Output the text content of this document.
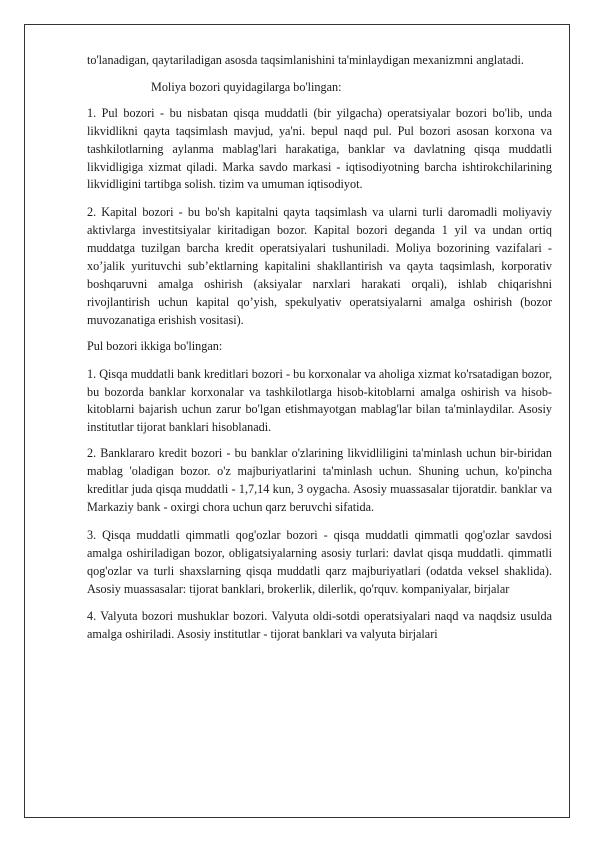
to'lanadigan, qaytariladigan asosda taqsimlanishini ta'minlaydigan mexanizmni anglatadi.

Moliya bozori quyidagilarga bo'lingan:

1. Pul bozori - bu nisbatan qisqa muddatli (bir yilgacha) operatsiyalar bozori bo'lib, unda likvidlikni qayta taqsimlash mavjud, ya'ni. bepul naqd pul. Pul bozori asosan korxona va tashkilotlarning aylanma mablag'lari harakatiga, banklar va davlatning qisqa muddatli likvidligiga xizmat qiladi. Marka savdo markasi - iqtisodiyotning barcha ishtirokchilarining likvidligini tartibga solish. tizim va umuman iqtisodiyot.

2. Kapital bozori - bu bo'sh kapitalni qayta taqsimlash va ularni turli daromadli moliyaviy aktivlarga investitsiyalar kiritadigan bozor. Kapital bozori deganda 1 yil va undan ortiq muddatga tuzilgan barcha kredit operatsiyalari tushuniladi. Moliya bozorining vazifalari - xo’jalik yurituvchi sub’ektlarning kapitalini shakllantirish va qayta taqsimlash, korporativ boshqaruvni amalga oshirish (aksiyalar narxlari harakati orqali), ishlab chiqarishni rivojlantirish uchun kapital qo’yish, spekulyativ operatsiyalarni amalga oshirish (bozor muvozanatiga erishish vositasi).

Pul bozori ikkiga bo'lingan:

1. Qisqa muddatli bank kreditlari bozori - bu korxonalar va aholiga xizmat ko'rsatadigan bozor, bu bozorda banklar korxonalar va tashkilotlarga hisob-kitoblarni amalga oshirish va hisob-kitoblarni bajarish uchun zarur bo'lgan etishmayotgan mablag'lar bilan ta'minlaydilar. Asosiy institutlar tijorat banklari hisoblanadi.

2. Banklararo kredit bozori - bu banklar o'zlarining likvidliligini ta'minlash uchun bir-biridan mablag 'oladigan bozor. o'z majburiyatlarini ta'minlash uchun. Shuning uchun, ko'pincha kreditlar juda qisqa muddatli - 1,7,14 kun, 3 oygacha. Asosiy muassasalar tijoratdir. banklar va Markaziy bank - oxirgi chora uchun qarz beruvchi sifatida.

3. Qisqa muddatli qimmatli qog'ozlar bozori - qisqa muddatli qimmatli qog'ozlar savdosi amalga oshiriladigan bozor, obligatsiyalarning asosiy turlari: davlat qisqa muddatli. qimmatli qog'ozlar va turli shaxslarning qisqa muddatli qarz majburiyatlari (odatda veksel shaklida). Asosiy muassasalar: tijorat banklari, brokerlik, dilerlik, qo'rquv. kompaniyalar, birjalar

4. Valyuta bozori mushuklar bozori. Valyuta oldi-sotdi operatsiyalari naqd va naqdsiz usulda amalga oshiriladi. Asosiy institutlar - tijorat banklari va valyuta birjalari
